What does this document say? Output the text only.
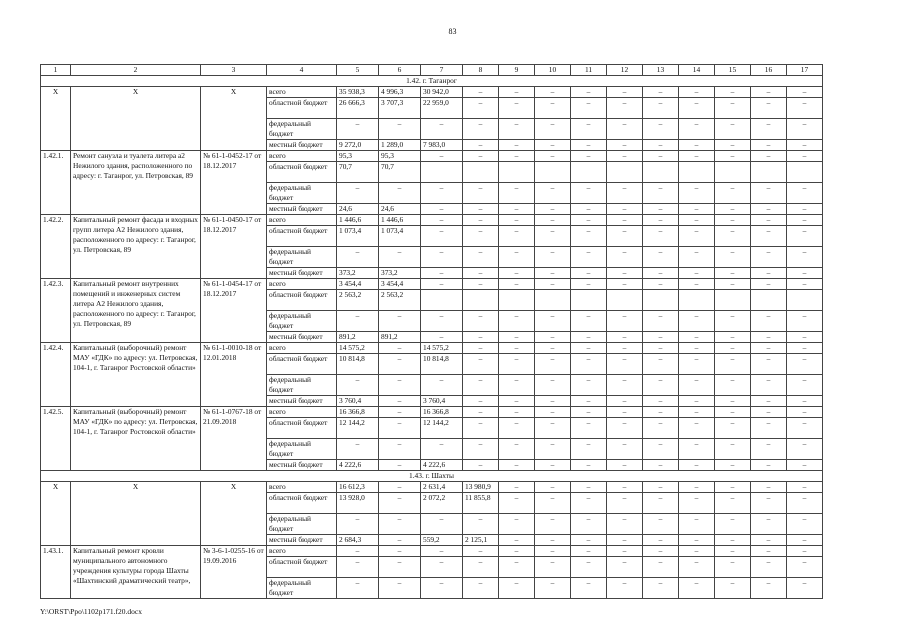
83
1	2	3	4	5	6	7	8	9	10	11	12	13	14	15	16	17
1.42. г. Таганрог																
Х	Х	Х	всего	35 938,3	4 996,3	30 942,0	–	–	–	–	–	–	–	–	–	–
			областной бюджет	26 666,3	3 707,3	22 959,0	–	–	–	–	–	–	–	–	–	–
			федеральный бюджет	–	–	–	–	–	–	–	–	–	–	–	–	–
			местный бюджет	9 272,0	1 289,0	7 983,0	–	–	–	–	–	–	–	–	–	–
1.42.1.	Ремонт санузла и туалета литера а2 Нежилого здания, расположенного по адресу: г. Таганрог, ул. Петровская, 89	№ 61-1-0452-17 от 18.12.2017	всего	95,3	95,3	–	–	–	–	–	–	–	–	–	–	–
			областной бюджет	70,7	70,7											
			федеральный бюджет	–	–	–	–	–	–	–	–	–	–	–	–	–
			местный бюджет	24,6	24,6	–	–	–	–	–	–	–	–	–	–	–
1.42.2.	Капитальный ремонт фасада и входных групп литера А2 Нежилого здания, расположенного по адресу: г. Таганрог, ул. Петровская, 89	№ 61-1-0450-17 от 18.12.2017	всего	1 446,6	1 446,6	–	–	–	–	–	–	–	–	–	–	–
			областной бюджет	1 073,4	1 073,4	–	–	–	–	–	–	–	–	–	–	–
			федеральный бюджет	–	–	–	–	–	–	–	–	–	–	–	–	–
			местный бюджет	373,2	373,2	–	–	–	–	–	–	–	–	–	–	–
1.42.3.	Капитальный ремонт внутренних помещений и инженерных систем литера А2 Нежилого здания, расположенного по адресу: г. Таганрог, ул. Петровская, 89	№ 61-1-0454-17 от 18.12.2017	всего	3 454,4	3 454,4	–	–	–	–	–	–	–	–	–	–	–
			областной бюджет	2 563,2	2 563,2											
			федеральный бюджет	–	–	–	–	–	–	–	–	–	–	–	–	–
			местный бюджет	891,2	891,2	–	–	–	–	–	–	–	–	–	–	–
1.42.4.	Капитальный (выборочный) ремонт МАУ «ГДК» по адресу: ул. Петровская, 104-1, г. Таганрог Ростовской области»	№ 61-1-0010-18 от 12.01.2018	всего	14 575,2	–	14 575,2	–	–	–	–	–	–	–	–	–	–
			областной бюджет	10 814,8	–	10 814,8	–	–	–	–	–	–	–	–	–	–
			федеральный бюджет	–	–	–	–	–	–	–	–	–	–	–	–	–
			местный бюджет	3 760,4	–	3 760,4	–	–	–	–	–	–	–	–	–	–
1.42.5.	Капитальный (выборочный) ремонт МАУ «ГДК» по адресу: ул. Петровская, 104-1, г. Таганрог Ростовской области»	№ 61-1-0767-18 от 21.09.2018	всего	16 366,8	–	16 366,8	–	–	–	–	–	–	–	–	–	–
			областной бюджет	12 144,2	–	12 144,2	–	–	–	–	–	–	–	–	–	–
			федеральный бюджет	–	–	–	–	–	–	–	–	–	–	–	–	–
			местный бюджет	4 222,6	–	4 222,6	–	–	–	–	–	–	–	–	–	–
1.43. г. Шахты																
Х	Х	Х	всего	16 612,3	–	2 631,4	13 980,9	–	–	–	–	–	–	–	–	–
			областной бюджет	13 928,0	–	2 072,2	11 855,8	–	–	–	–	–	–	–	–	–
			федеральный бюджет	–	–	–	–	–	–	–	–	–	–	–	–	–
			местный бюджет	2 684,3	–	559,2	2 125,1	–	–	–	–	–	–	–	–	–
1.43.1.	Капитальный ремонт кровли муниципального автономного учреждения культуры города Шахты «Шахтинский драматический театр»,	№ 3-6-1-0255-16 от 19.09.2016	всего	–	–	–	–	–	–	–	–	–	–	–	–	–
			областной бюджет	–	–	–	–	–	–	–	–	–	–	–	–	–
			федеральный бюджет	–	–	–	–	–	–	–	–	–	–	–	–	–
Y:\ORST\Ppo\1102p171.f20.docx
